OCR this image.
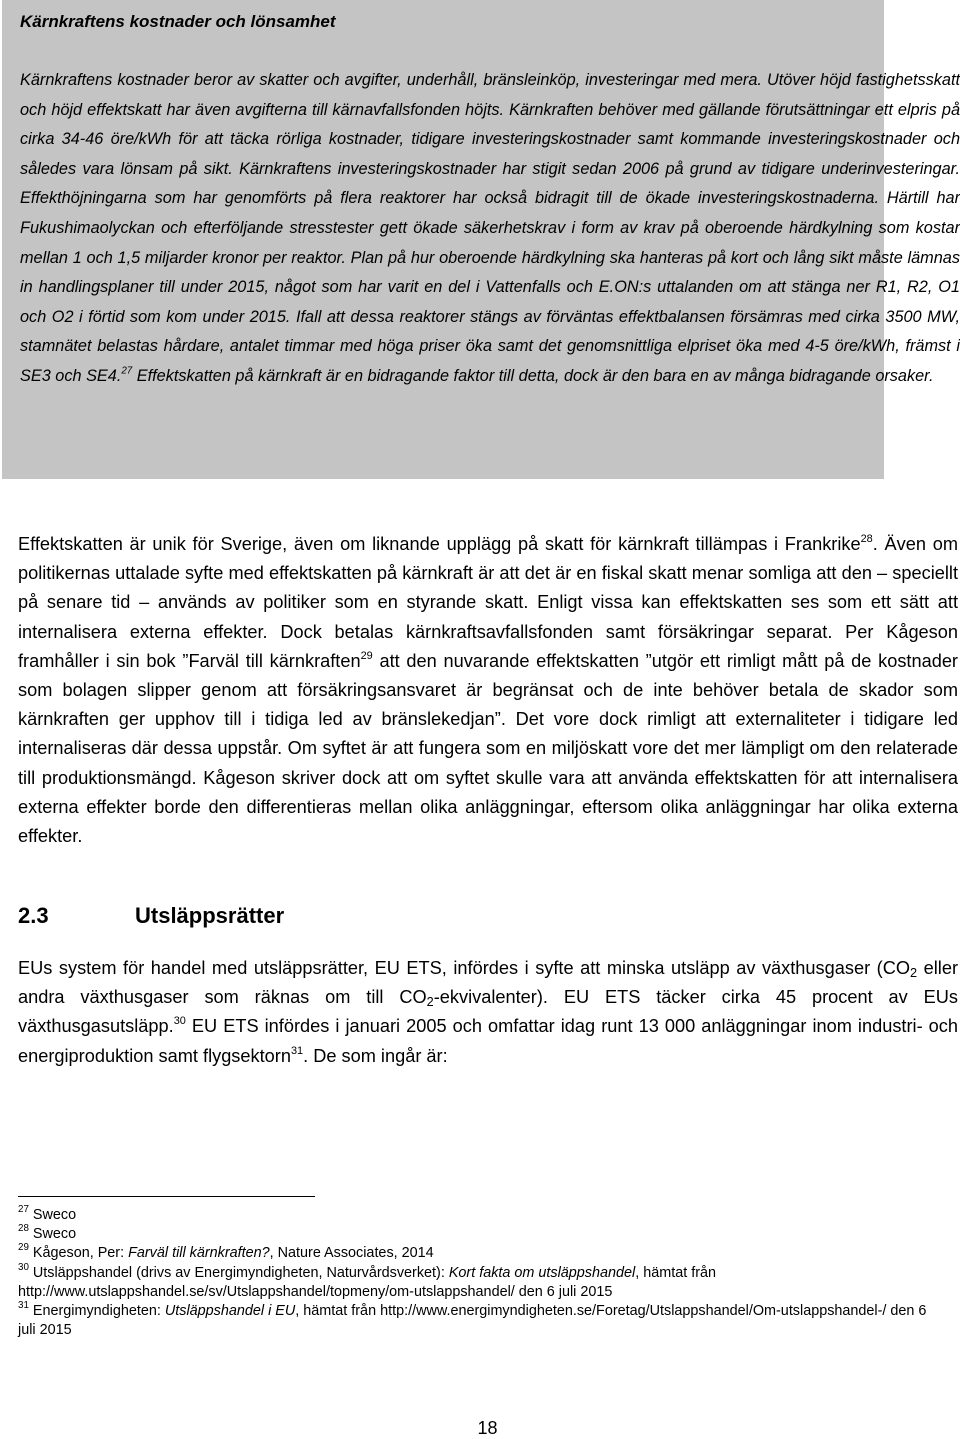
Kärnkraftens kostnader och lönsamhet

Kärnkraftens kostnader beror av skatter och avgifter, underhåll, bränsleinköp, investeringar med mera. Utöver höjd fastighetsskatt och höjd effektskatt har även avgifterna till kärnavfallsfonden höjts. Kärnkraften behöver med gällande förutsättningar ett elpris på cirka 34-46 öre/kWh för att täcka rörliga kostnader, tidigare investeringskostnader samt kommande investeringskostnader och således vara lönsam på sikt. Kärnkraftens investeringskostnader har stigit sedan 2006 på grund av tidigare underinvesteringar. Effekthöjningarna som har genomförts på flera reaktorer har också bidragit till de ökade investeringskostnaderna. Härtill har Fukushimaolyckan och efterföljande stresstester gett ökade säkerhetskrav i form av krav på oberoende härdkylning som kostar mellan 1 och 1,5 miljarder kronor per reaktor. Plan på hur oberoende härdkylning ska hanteras på kort och lång sikt måste lämnas in handlingsplaner till under 2015, något som har varit en del i Vattenfalls och E.ON:s uttalanden om att stänga ner R1, R2, O1 och O2 i förtid som kom under 2015. Ifall att dessa reaktorer stängs av förväntas effektbalansen försämras med cirka 3500 MW, stamnätet belastas hårdare, antalet timmar med höga priser öka samt det genomsnittliga elpriset öka med 4-5 öre/kWh, främst i SE3 och SE4.27 Effektskatten på kärnkraft är en bidragande faktor till detta, dock är den bara en av många bidragande orsaker.

Effektskatten är unik för Sverige, även om liknande upplägg på skatt för kärnkraft tillämpas i Frankrike$^{28}$. Även om politikernas uttalade syfte med effektskatten på kärnkraft är att det är en fiskal skatt menar somliga att den – speciellt på senare tid – används av politiker som en styrande skatt. Enligt vissa kan effektskatten ses som ett sätt att internalisera externa effekter. Dock betalas kärnkraftsavfallsfonden samt försäkringar separat. Per Kågeson framhåller i sin bok ”Farväl till kärnkraften$^{29}$ att den nuvarande effektskatten ”utgör ett rimligt mått på de kostnader som bolagen slipper genom att försäkringsansvaret är begränsat och de inte behöver betala de skador som kärnkraften ger upphov till i tidiga led av bränslekedjan”. Det vore dock rimligt att externaliteter i tidigare led internaliseras där dessa uppstår. Om syftet är att fungera som en miljöskatt vore det mer lämpligt om den relaterade till produktionsmängd. Kågeson skriver dock att om syftet skulle vara att använda effektskatten för att internalisera externa effekter borde den differentieras mellan olika anläggningar, eftersom olika anläggningar har olika externa effekter.

2.3	Utsläppsrätter

EUs system för handel med utsläppsrätter, EU ETS, infördes i syfte att minska utsläpp av växthusgaser ($CO_2$ eller andra växthusgaser som räknas om till $CO_2-ekvivalenter$). EU ETS täcker cirka 45 procent av EUs växthusgasutsläpp.$^{30}$ EU ETS infördes i januari 2005 och omfattar idag runt 13 000 anläggningar inom industri- och energiproduktion samt flygsektorn$^{31}$. De som ingår är:

$^{27}$ Sweco

$^{28}$ Sweco

$^{29}$ Kågeson, Per: Farväl till kärnkraften?, Nature Associates, 2014

$^{30}$ Utsläppshandel (drivs av Energimyndigheten, Naturvårdsverket): Kort fakta om utsläppshandel, hämtat från http://www.utslappshandel.se/sv/Utslappshandel/topmeny/om-utslappshandel/ den 6 juli 2015

$^{31}$ Energimyndigheten: Utsläppshandel i EU, hämtat från http://www.energimyndigheten.se/Foretag/Utslappshandel/Om-utslappshandel-/ den 6 juli 2015

18
